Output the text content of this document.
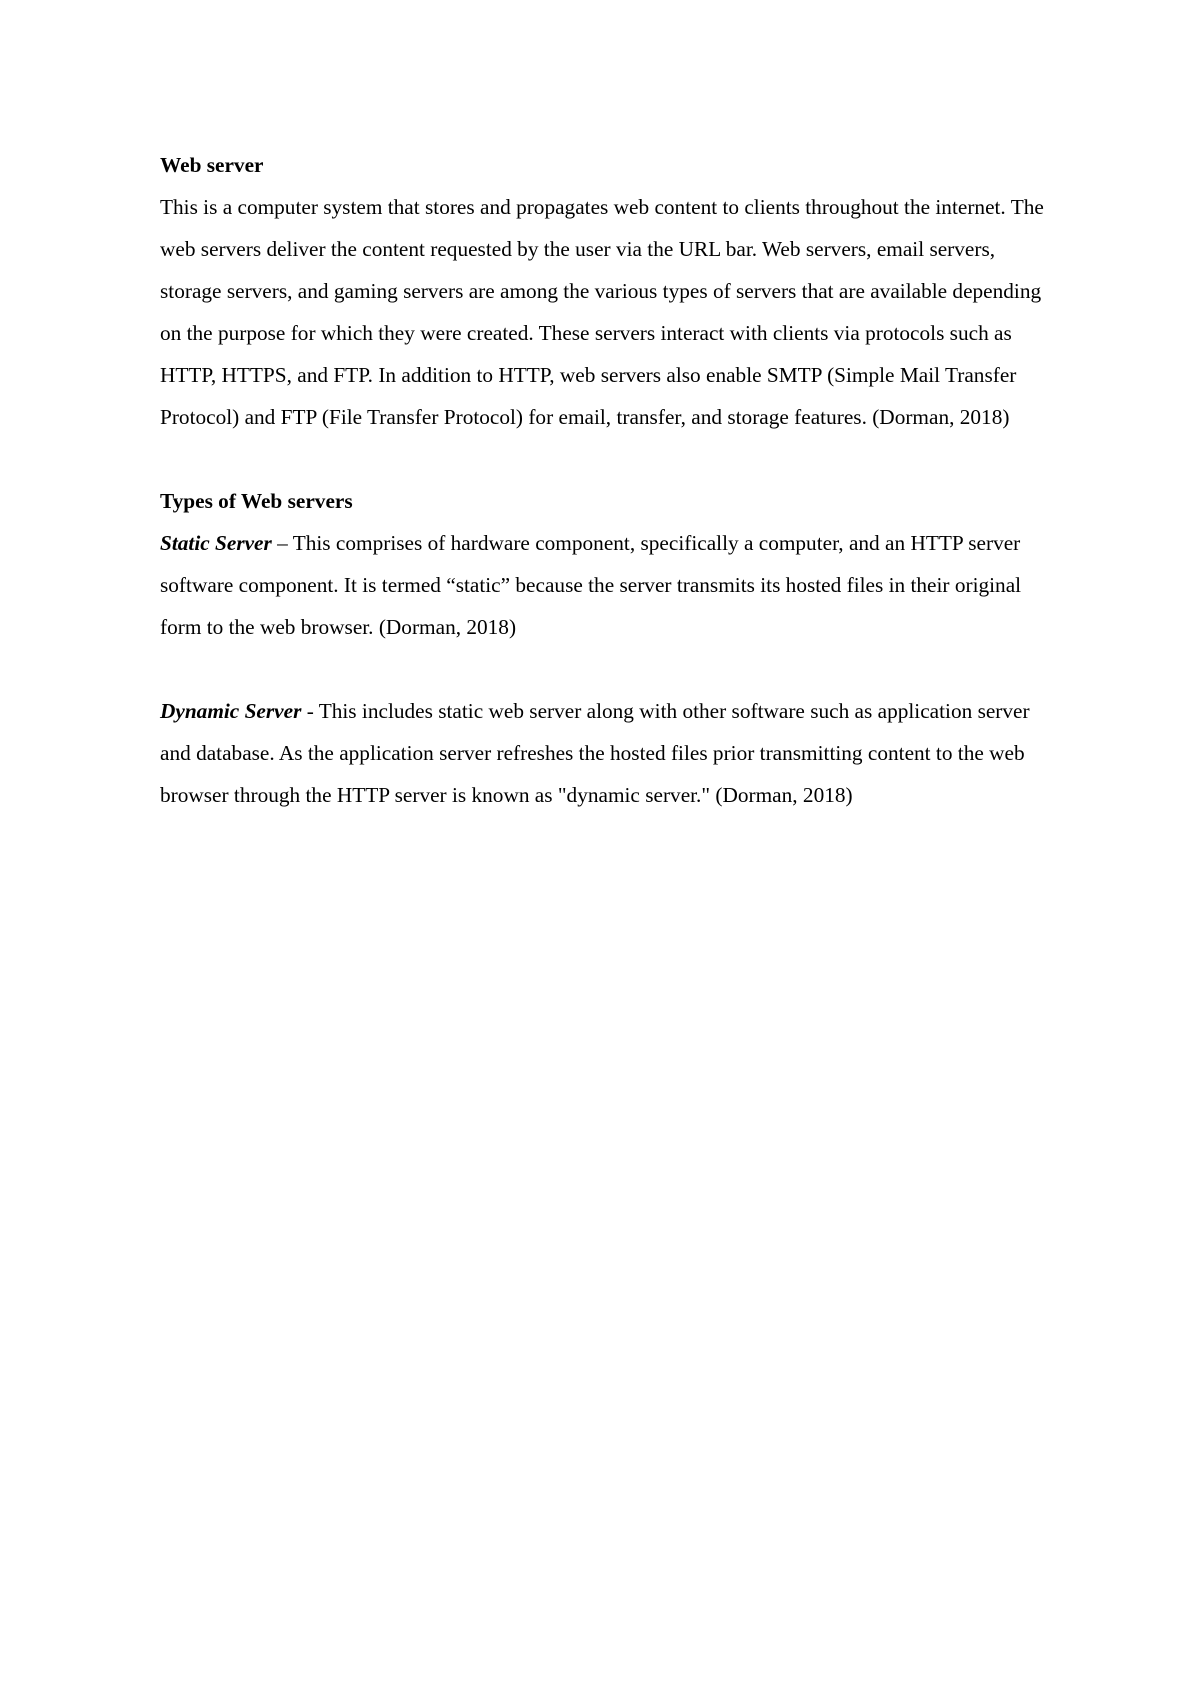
Web server

This is a computer system that stores and propagates web content to clients throughout the internet. The web servers deliver the content requested by the user via the URL bar. Web servers, email servers, storage servers, and gaming servers are among the various types of servers that are available depending on the purpose for which they were created. These servers interact with clients via protocols such as HTTP, HTTPS, and FTP. In addition to HTTP, web servers also enable SMTP (Simple Mail Transfer Protocol) and FTP (File Transfer Protocol) for email, transfer, and storage features. (Dorman, 2018)

Types of Web servers

Static Server – This comprises of hardware component, specifically a computer, and an HTTP server software component. It is termed “static” because the server transmits its hosted files in their original form to the web browser. (Dorman, 2018)

Dynamic Server - This includes static web server along with other software such as application server and database. As the application server refreshes the hosted files prior transmitting content to the web browser through the HTTP server is known as "dynamic server." (Dorman, 2018)
